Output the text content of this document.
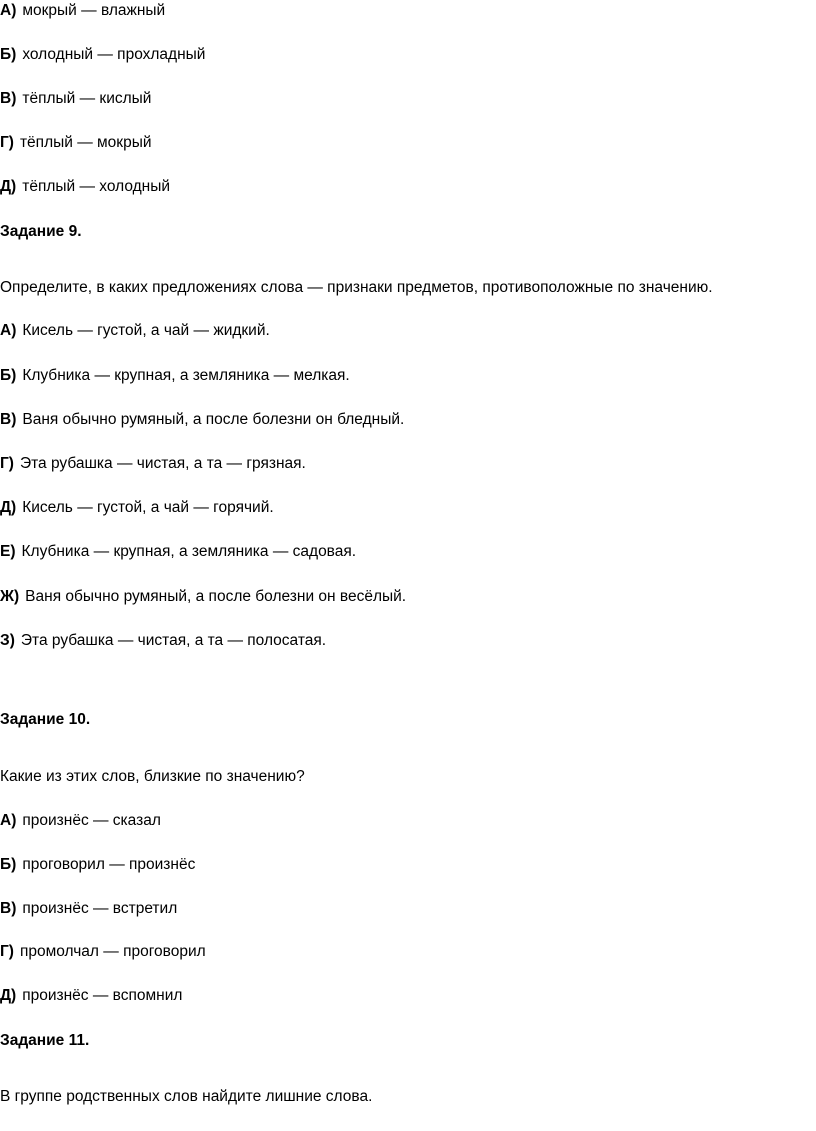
А) мокрый — влажный
Б) холодный — прохладный
В) тёплый — кислый
Г) тёплый — мокрый
Д) тёплый — холодный
Задание 9.
Определите, в каких предложениях слова — признаки предметов, противоположные по значению.
А) Кисель — густой, а чай — жидкий.
Б) Клубника — крупная, а земляника — мелкая.
В) Ваня обычно румяный, а после болезни он бледный.
Г) Эта рубашка — чистая, а та — грязная.
Д) Кисель — густой, а чай — горячий.
Е) Клубника — крупная, а земляника — садовая.
Ж) Ваня обычно румяный, а после болезни он весёлый.
З) Эта рубашка — чистая, а та — полосатая.
Задание 10.
Какие из этих слов, близкие по значению?
А) произнёс — сказал
Б) проговорил — произнёс
В) произнёс — встретил
Г) промолчал — проговорил
Д) произнёс — вспомнил
Задание 11.
В группе родственных слов найдите лишние слова.
